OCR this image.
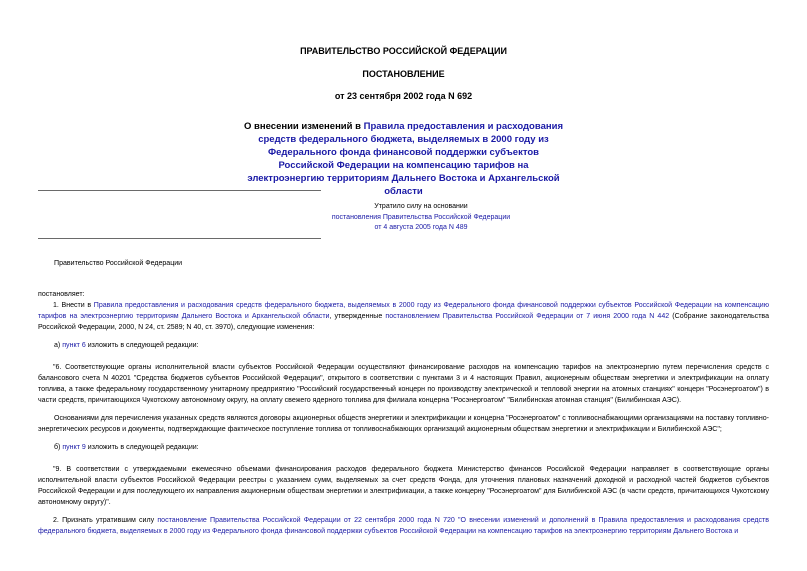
ПРАВИТЕЛЬСТВО РОССИЙСКОЙ ФЕДЕРАЦИИ
ПОСТАНОВЛЕНИЕ
от 23 сентября 2002 года N 692
О внесении изменений в Правила предоставления и расходования средств федерального бюджета, выделяемых в 2000 году из Федерального фонда финансовой поддержки субъектов Российской Федерации на компенсацию тарифов на электроэнергию территориям Дальнего Востока и Архангельской области
Утратило силу на основании
постановления Правительства Российской Федерации
от 4 августа 2005 года N 489
Правительство Российской Федерации
постановляет:
1. Внести в Правила предоставления и расходования средств федерального бюджета, выделяемых в 2000 году из Федерального фонда финансовой поддержки субъектов Российской Федерации на компенсацию тарифов на электроэнергию территориям Дальнего Востока и Архангельской области, утвержденные постановлением Правительства Российской Федерации от 7 июня 2000 года N 442 (Собрание законодательства Российской Федерации, 2000, N 24, ст. 2589; N 40, ст. 3970), следующие изменения:
а) пункт 6 изложить в следующей редакции:
"6. Соответствующие органы исполнительной власти субъектов Российской Федерации осуществляют финансирование расходов на компенсацию тарифов на электроэнергию путем перечисления средств с балансового счета N 40201 "Средства бюджетов субъектов Российской Федерации", открытого в соответствии с пунктами 3 и 4 настоящих Правил, акционерным обществам энергетики и электрификации на оплату топлива, а также федеральному государственному унитарному предприятию "Российский государственный концерн по производству электрической и тепловой энергии на атомных станциях" концерн "Росэнергоатом") в части средств, причитающихся Чукотскому автономному округу, на оплату свежего ядерного топлива для филиала концерна "Росэнергоатом" "Билибинская атомная станция" (Билибинская АЭС).
Основаниями для перечисления указанных средств являются договоры акционерных обществ энергетики и электрификации и концерна "Росэнергоатом" с топливоснабжающими организациями на поставку топливно-энергетических ресурсов и документы, подтверждающие фактическое поступление топлива от топливоснабжающих организаций акционерным обществам энергетики и электрификации и Билибинской АЭС";
б) пункт 9 изложить в следующей редакции:
"9. В соответствии с утверждаемыми ежемесячно объемами финансирования расходов федерального бюджета Министерство финансов Российской Федерации направляет в соответствующие органы исполнительной власти субъектов Российской Федерации реестры с указанием сумм, выделяемых за счет средств Фонда, для уточнения плановых назначений доходной и расходной частей бюджетов субъектов Российской Федерации и для последующего их направления акционерным обществам энергетики и электрификации, а также концерну "Росэнергоатом" для Билибинской АЭС (в части средств, причитающихся Чукотскому автономному округу)".
2. Признать утратившим силу постановление Правительства Российской Федерации от 22 сентября 2000 года N 720 "О внесении изменений и дополнений в Правила предоставления и расходования средств федерального бюджета, выделяемых в 2000 году из Федерального фонда финансовой поддержки субъектов Российской Федерации на компенсацию тарифов на электроэнергию территориям Дальнего Востока и
